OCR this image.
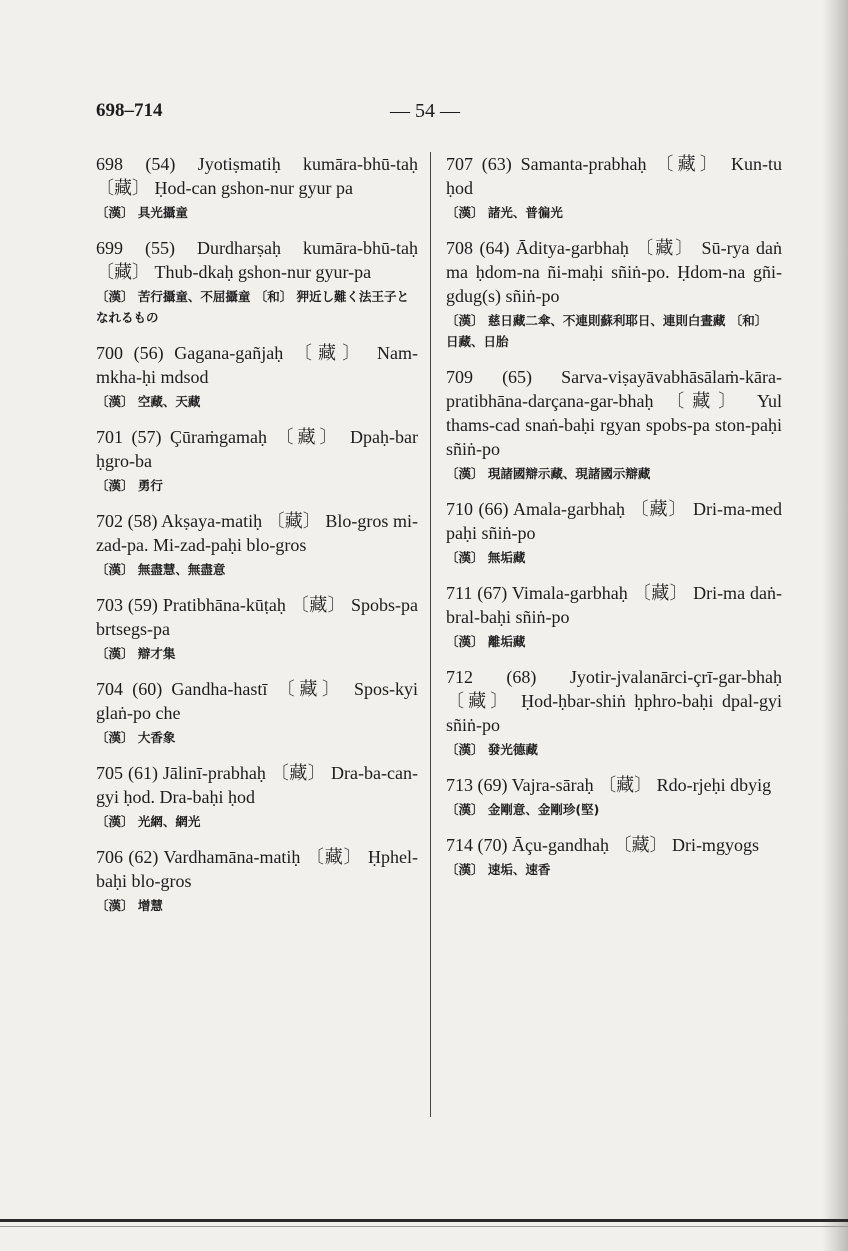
698–714	— 54 —
698 (54) Jyotiṣmatiḥ kumāra-bhū-taḥ 〔藏〕 Ḥod-can gshon-nur gyur pa
〔漢〕 具光攝童
699 (55) Durdharṣaḥ kumāra-bhū-taḥ 〔藏〕 Thub-dkaḥ gshon-nur gyur-pa
〔漢〕 苦行攝童、不屈攝童 〔和〕 狎近し難く法王子となれるもの
700 (56) Gagana-gañjaḥ 〔藏〕 Nam-mkha-ḥi mdsod
〔漢〕 空藏、天藏
701 (57) Çūraṁgamaḥ 〔藏〕 Dpaḥ-bar ḥgro-ba
〔漢〕 勇行
702 (58) Akṣaya-matiḥ 〔藏〕 Blo-gros mi-zad-pa. Mi-zad-paḥi blo-gros
〔漢〕 無盡慧、無盡意
703 (59) Pratibhāna-kūṭaḥ 〔藏〕 Spobs-pa brtsegs-pa
〔漢〕 辯才集
704 (60) Gandha-hastī 〔藏〕 Spos-kyi glaṅ-po che
〔漢〕 大香象
705 (61) Jālinī-prabhaḥ 〔藏〕 Dra-ba-can-gyi ḥod. Dra-baḥi ḥod
〔漢〕 光網、網光
706 (62) Vardhamāna-matiḥ 〔藏〕 Ḥphel-baḥi blo-gros
〔漢〕 增慧
707 (63) Samanta-prabhaḥ 〔藏〕 Kun-tu ḥod
〔漢〕 諸光、普徧光
708 (64) Āditya-garbhaḥ 〔藏〕 Sū-rya daṅ ma ḥdom-na ñi-maḥi sñiṅ-po. Ḥdom-na gñi-gdug(s) sñiṅ-po
〔漢〕 慈日藏二傘、不連則蘇利耶日、連則白晝藏 〔和〕 日藏、日胎
709 (65) Sarva-viṣayāvabhāsālaṁ-kāra-pratibhāna-darçana-gar-bhaḥ 〔藏〕 Yul thams-cad snaṅ-baḥi rgyan spobs-pa ston-paḥi sñiṅ-po
〔漢〕 現諸國辯示藏、現諸國示辯藏
710 (66) Amala-garbhaḥ 〔藏〕 Dri-ma-med paḥi sñiṅ-po
〔漢〕 無垢藏
711 (67) Vimala-garbhaḥ 〔藏〕 Dri-ma daṅ-bral-baḥi sñiṅ-po
〔漢〕 離垢藏
712 (68) Jyotir-jvalanārci-çrī-gar-bhaḥ 〔藏〕 Ḥod-ḥbar-shiṅ ḥphro-baḥi dpal-gyi sñiṅ-po
〔漢〕 發光德藏
713 (69) Vajra-sāraḥ 〔藏〕 Rdo-rjeḥi dbyig
〔漢〕 金剛意、金剛珍(堅)
714 (70) Āçu-gandhaḥ 〔藏〕 Dri-mgyogs
〔漢〕 速垢、速香
